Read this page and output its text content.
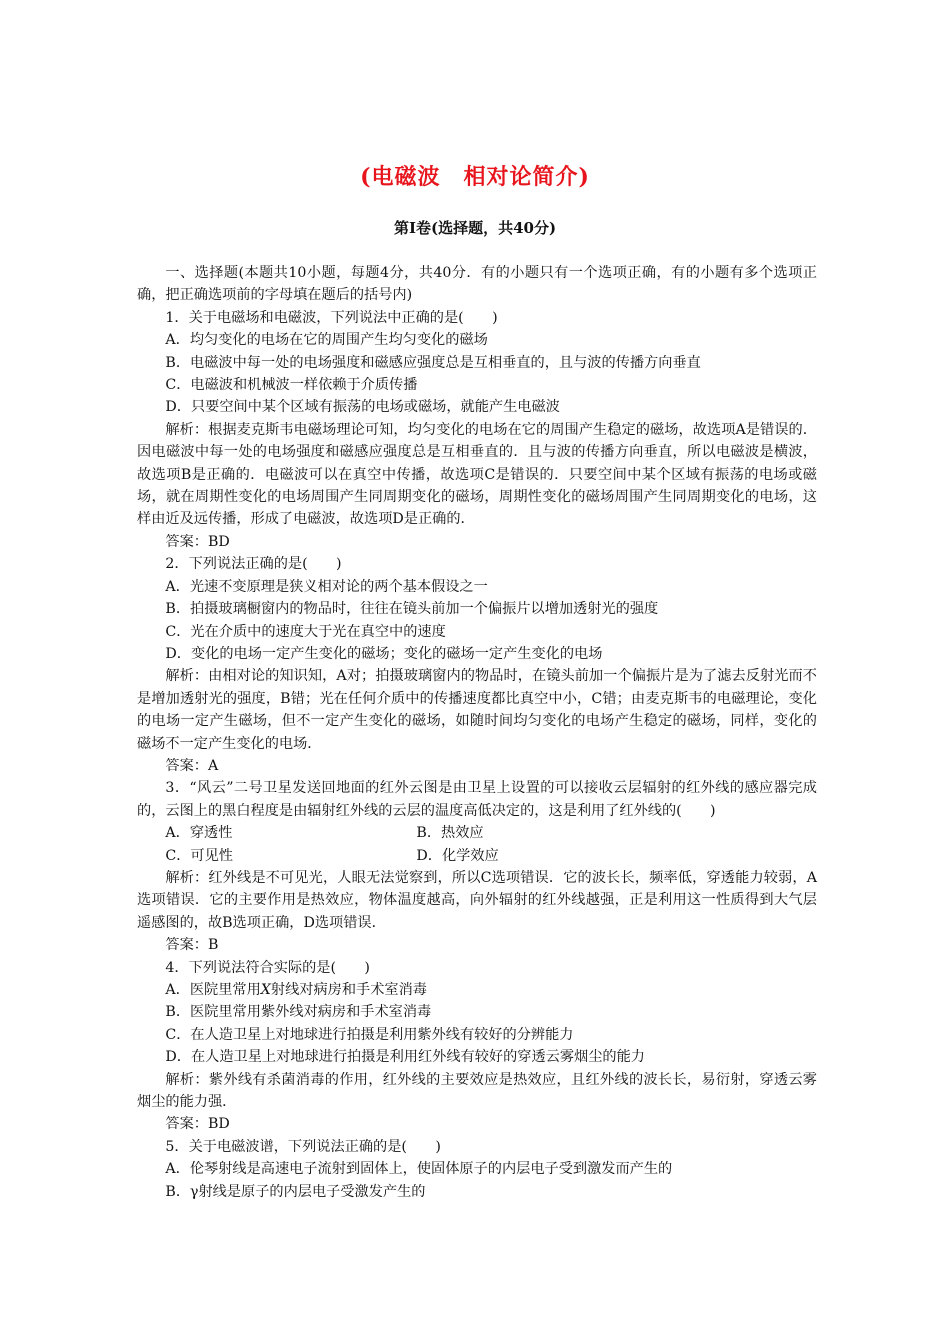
(电磁波　相对论简介)
第Ⅰ卷(选择题，共40分)

一、选择题(本题共10小题，每题4分，共40分．有的小题只有一个选项正确，有的小题有多个选项正确，把正确选项前的字母填在题后的括号内)

1．关于电磁场和电磁波，下列说法中正确的是(　　)

A．均匀变化的电场在它的周围产生均匀变化的磁场

B．电磁波中每一处的电场强度和磁感应强度总是互相垂直的，且与波的传播方向垂直

C．电磁波和机械波一样依赖于介质传播

D．只要空间中某个区域有振荡的电场或磁场，就能产生电磁波

解析：根据麦克斯韦电磁场理论可知，均匀变化的电场在它的周围产生稳定的磁场，故选项A是错误的．因电磁波中每一处的电场强度和磁感应强度总是互相垂直的．且与波的传播方向垂直，所以电磁波是横波，故选项B是正确的．电磁波可以在真空中传播，故选项C是错误的．只要空间中某个区域有振荡的电场或磁场，就在周期性变化的电场周围产生同周期变化的磁场，周期性变化的磁场周围产生同周期变化的电场，这样由近及远传播，形成了电磁波，故选项D是正确的．

答案：BD

2．下列说法正确的是(　　)

A．光速不变原理是狭义相对论的两个基本假设之一

B．拍摄玻璃橱窗内的物品时，往往在镜头前加一个偏振片以增加透射光的强度

C．光在介质中的速度大于光在真空中的速度

D．变化的电场一定产生变化的磁场；变化的磁场一定产生变化的电场

解析：由相对论的知识知，A对；拍摄玻璃窗内的物品时，在镜头前加一个偏振片是为了滤去反射光而不是增加透射光的强度，B错；光在任何介质中的传播速度都比真空中小，C错；由麦克斯韦的电磁理论，变化的电场一定产生磁场，但不一定产生变化的磁场，如随时间均匀变化的电场产生稳定的磁场，同样，变化的磁场不一定产生变化的电场．

答案：A

3．“风云”二号卫星发送回地面的红外云图是由卫星上设置的可以接收云层辐射的红外线的感应器完成的，云图上的黑白程度是由辐射红外线的云层的温度高低决定的，这是利用了红外线的(　　)

A．穿透性	B．热效应
C．可见性	D．化学效应

解析：红外线是不可见光，人眼无法觉察到，所以C选项错误．它的波长长，频率低，穿透能力较弱，A选项错误．它的主要作用是热效应，物体温度越高，向外辐射的红外线越强，正是利用这一性质得到大气层遥感图的，故B选项正确，D选项错误．

答案：B

4．下列说法符合实际的是(　　)

A．医院里常用X射线对病房和手术室消毒

B．医院里常用紫外线对病房和手术室消毒

C．在人造卫星上对地球进行拍摄是利用紫外线有较好的分辨能力

D．在人造卫星上对地球进行拍摄是利用红外线有较好的穿透云雾烟尘的能力

解析：紫外线有杀菌消毒的作用，红外线的主要效应是热效应，且红外线的波长长，易衍射，穿透云雾烟尘的能力强．

答案：BD

5．关于电磁波谱，下列说法正确的是(　　)

A．伦琴射线是高速电子流射到固体上，使固体原子的内层电子受到激发而产生的

B．γ射线是原子的内层电子受激发产生的
